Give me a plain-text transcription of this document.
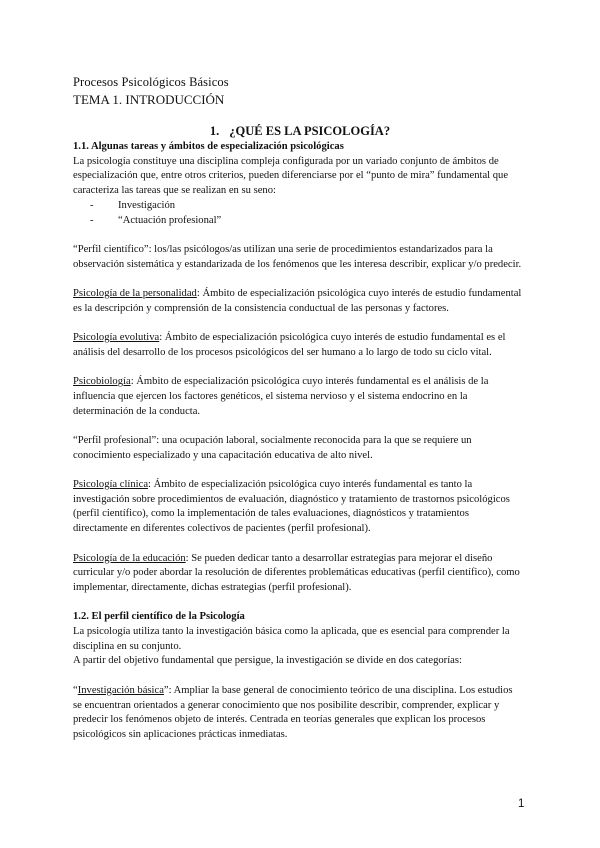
Procesos Psicológicos Básicos
TEMA 1. INTRODUCCIÓN
1. ¿QUÉ ES LA PSICOLOGÍA?

1.1. Algunas tareas y ámbitos de especialización psicológicas

La psicología constituye una disciplina compleja configurada por un variado conjunto de ámbitos de especialización que, entre otros criterios, pueden diferenciarse por el “punto de mira” fundamental que caracteriza las tareas que se realizan en su seno:

- Investigación
- “Actuación profesional”

“Perfil científico”: los/las psicólogos/as utilizan una serie de procedimientos estandarizados para la observación sistemática y estandarizada de los fenómenos que les interesa describir, explicar y/o predecir.

Psicología de la personalidad: Ámbito de especialización psicológica cuyo interés de estudio fundamental es la descripción y comprensión de la consistencia conductual de las personas y factores.

Psicología evolutiva: Ámbito de especialización psicológica cuyo interés de estudio fundamental es el análisis del desarrollo de los procesos psicológicos del ser humano a lo largo de todo su ciclo vital.

Psicobiología: Ámbito de especialización psicológica cuyo interés fundamental es el análisis de la influencia que ejercen los factores genéticos, el sistema nervioso y el sistema endocrino en la determinación de la conducta.

“Perfil profesional”: una ocupación laboral, socialmente reconocida para la que se requiere un conocimiento especializado y una capacitación educativa de alto nivel.

Psicología clínica: Ámbito de especialización psicológica cuyo interés fundamental es tanto la investigación sobre procedimientos de evaluación, diagnóstico y tratamiento de trastornos psicológicos (perfil científico), como la implementación de tales evaluaciones, diagnósticos y tratamientos directamente en diferentes colectivos de pacientes (perfil profesional).

Psicología de la educación: Se pueden dedicar tanto a desarrollar estrategias para mejorar el diseño curricular y/o poder abordar la resolución de diferentes problemáticas educativas (perfil científico), como implementar, directamente, dichas estrategias (perfil profesional).

1.2. El perfil científico de la Psicología

La psicología utiliza tanto la investigación básica como la aplicada, que es esencial para comprender la disciplina en su conjunto.

A partir del objetivo fundamental que persigue, la investigación se divide en dos categorías:

“Investigación básica”: Ampliar la base general de conocimiento teórico de una disciplina. Los estudios se encuentran orientados a generar conocimiento que nos posibilite describir, comprender, explicar y predecir los fenómenos objeto de interés. Centrada en teorías generales que explican los procesos psicológicos sin aplicaciones prácticas inmediatas.

1
